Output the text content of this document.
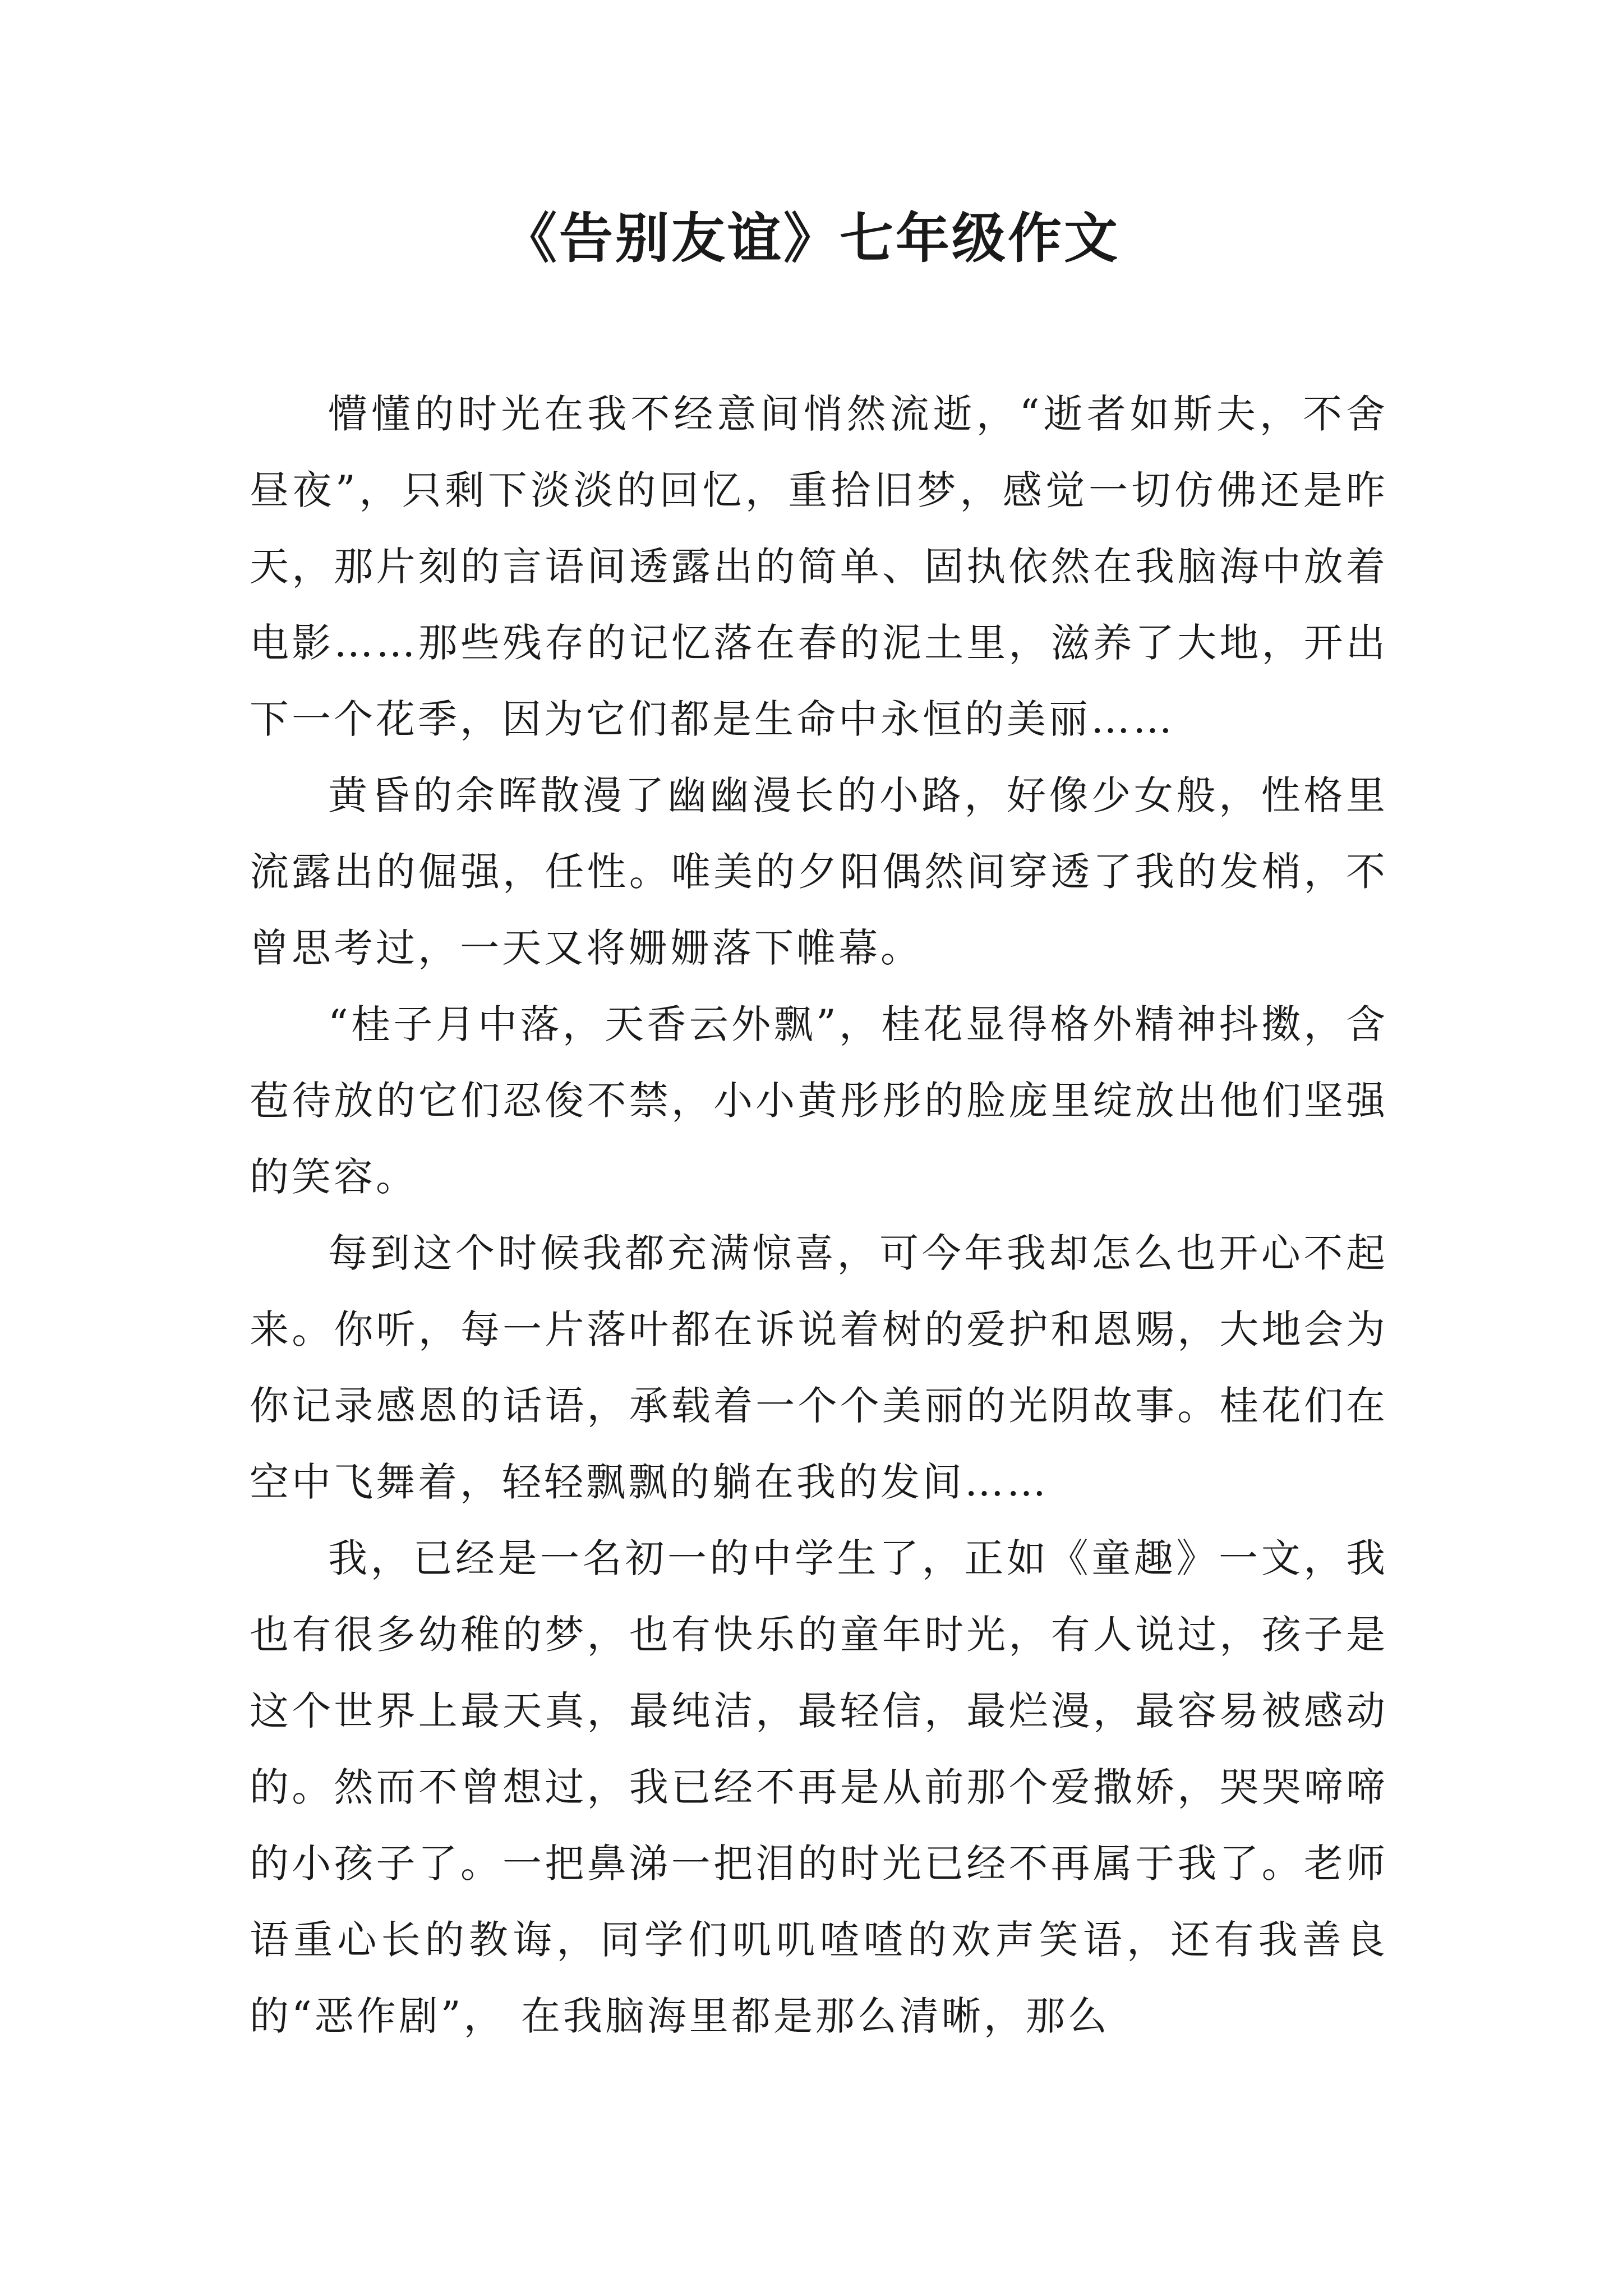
《告别友谊》七年级作文

懵懂的时光在我不经意间悄然流逝，“逝者如斯夫，不舍昼夜”，只剩下淡淡的回忆，重拾旧梦，感觉一切仿佛还是昨天，那片刻的言语间透露出的简单、固执依然在我脑海中放着电影……那些残存的记忆落在春的泥土里，滋养了大地，开出下一个花季，因为它们都是生命中永恒的美丽……

黄昏的余晖散漫了幽幽漫长的小路，好像少女般，性格里流露出的倔强，任性。唯美的夕阳偶然间穿透了我的发梢，不曾思考过，一天又将姗姗落下帷幕。

“桂子月中落，天香云外飘”，桂花显得格外精神抖擞，含苞待放的它们忍俊不禁，小小黄彤彤的脸庞里绽放出他们坚强的笑容。

每到这个时候我都充满惊喜，可今年我却怎么也开心不起来。你听，每一片落叶都在诉说着树的爱护和恩赐，大地会为你记录感恩的话语，承载着一个个美丽的光阴故事。桂花们在空中飞舞着，轻轻飘飘的躺在我的发间……

我，已经是一名初一的中学生了，正如《童趣》一文，我也有很多幼稚的梦，也有快乐的童年时光，有人说过，孩子是这个世界上最天真，最纯洁，最轻信，最烂漫，最容易被感动的。然而不曾想过，我已经不再是从前那个爱撒娇，哭哭啼啼的小孩子了。一把鼻涕一把泪的时光已经不再属于我了。老师语重心长的教诲，同学们叽叽喳喳的欢声笑语，还有我善良的“恶作剧”， 在我脑海里都是那么清晰，那么
